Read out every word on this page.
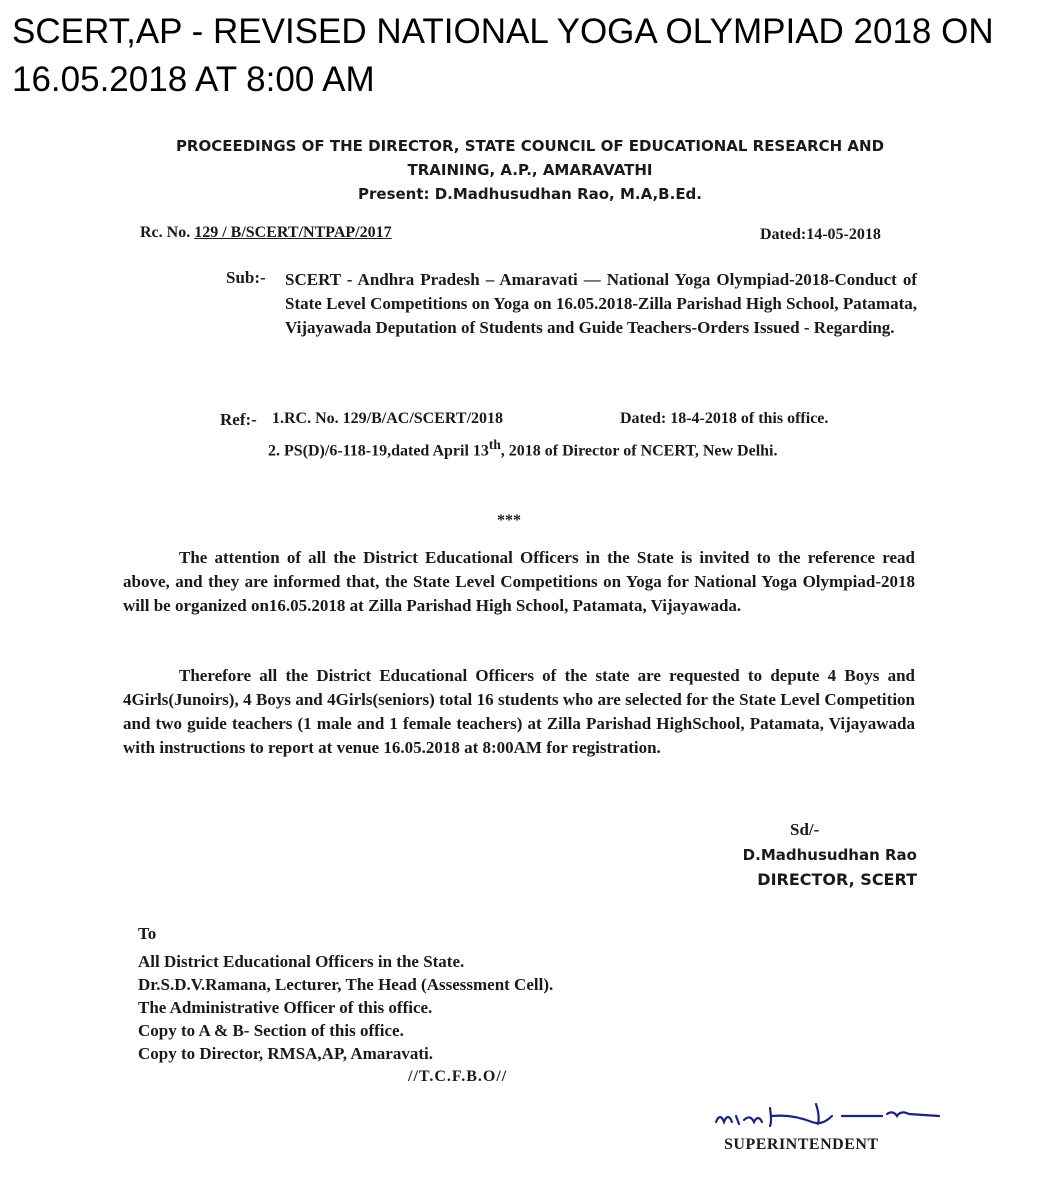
SCERT,AP - REVISED NATIONAL YOGA OLYMPIAD 2018 ON
16.05.2018 AT 8:00 AM
PROCEEDINGS OF THE DIRECTOR, STATE COUNCIL OF EDUCATIONAL RESEARCH AND
TRAINING, A.P., AMARAVATHI
Present: D.Madhusudhan Rao, M.A,B.Ed.
Rc. No. 129 / B/SCERT/NTPAP/2017	Dated:14-05-2018
Sub:- SCERT - Andhra Pradesh – Amaravati — National Yoga Olympiad-2018-Conduct of State Level Competitions on Yoga on 16.05.2018-Zilla Parishad High School, Patamata, Vijayawada Deputation of Students and Guide Teachers-Orders Issued - Regarding.
Ref:- 1.RC. No. 129/B/AC/SCERT/2018	Dated: 18-4-2018 of this office.
2. PS(D)/6-118-19,dated April 13th, 2018 of Director of NCERT, New Delhi.
***

The attention of all the District Educational Officers in the State is invited to the reference read above, and they are informed that, the State Level Competitions on Yoga for National Yoga Olympiad-2018 will be organized on16.05.2018 at Zilla Parishad High School, Patamata, Vijayawada.

Therefore all the District Educational Officers of the state are requested to depute 4 Boys and 4Girls(Junoirs), 4 Boys and 4Girls(seniors) total 16 students who are selected for the State Level Competition and two guide teachers (1 male and 1 female teachers) at Zilla Parishad HighSchool, Patamata, Vijayawada with instructions to report at venue 16.05.2018 at 8:00AM for registration.

Sd/-
D.Madhusudhan Rao
DIRECTOR, SCERT
To
All District Educational Officers in the State.
Dr.S.D.V.Ramana, Lecturer, The Head (Assessment Cell).
The Administrative Officer of this office.
Copy to A & B- Section of this office.
Copy to Director, RMSA,AP, Amaravati.
//T.C.F.B.O//
SUPERINTENDENT
